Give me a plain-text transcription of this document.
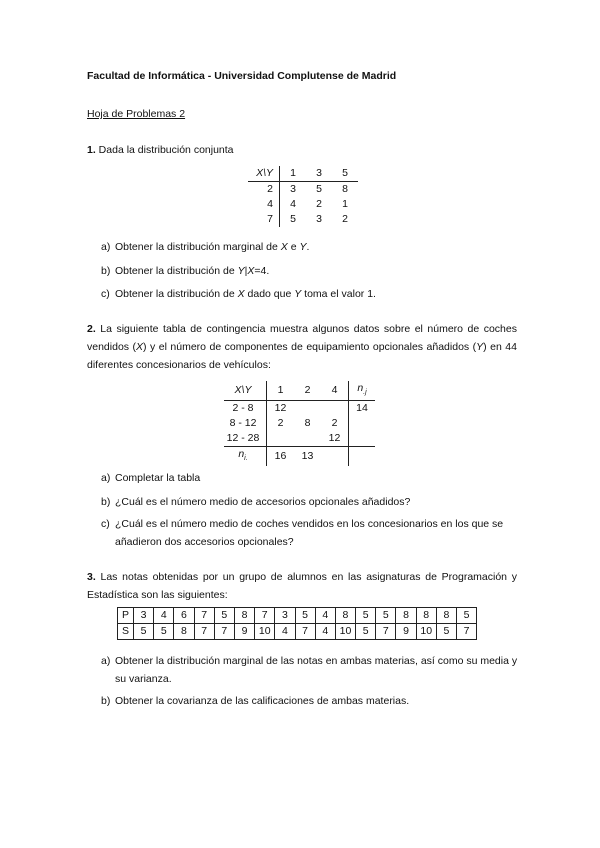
Facultad de Informática - Universidad Complutense de Madrid
Hoja de Problemas 2
1. Dada la distribución conjunta
X\Y	1	3	5
2	3	5	8
4	4	2	1
7	5	3	2
a) Obtener la distribución marginal de X e Y.
b) Obtener la distribución de Y|X=4.
c) Obtener la distribución de X dado que Y toma el valor 1.
2. La siguiente tabla de contingencia muestra algunos datos sobre el número de coches vendidos (X) y el número de componentes de equipamiento opcionales añadidos (Y) en 44 diferentes concesionarios de vehículos:
X\Y	1	2	4	$n_{.j}$
2 - 8	12			14
8 - 12	2	8	2	
12 - 28			12	
$n_{i.}$	16	13		
a) Completar la tabla
b) ¿Cuál es el número medio de accesorios opcionales añadidos?
c) ¿Cuál es el número medio de coches vendidos en los concesionarios en los que se añadieron dos accesorios opcionales?
3. Las notas obtenidas por un grupo de alumnos en las asignaturas de Programación y Estadística son las siguientes:
P	3	4	6	7	5	8	7	3	5	4	8	5	5	8	8	8	5
S	5	5	8	7	7	9	10	4	7	4	10	5	7	9	10	5	7
a) Obtener la distribución marginal de las notas en ambas materias, así como su media y su varianza.
b) Obtener la covarianza de las calificaciones de ambas materias.
